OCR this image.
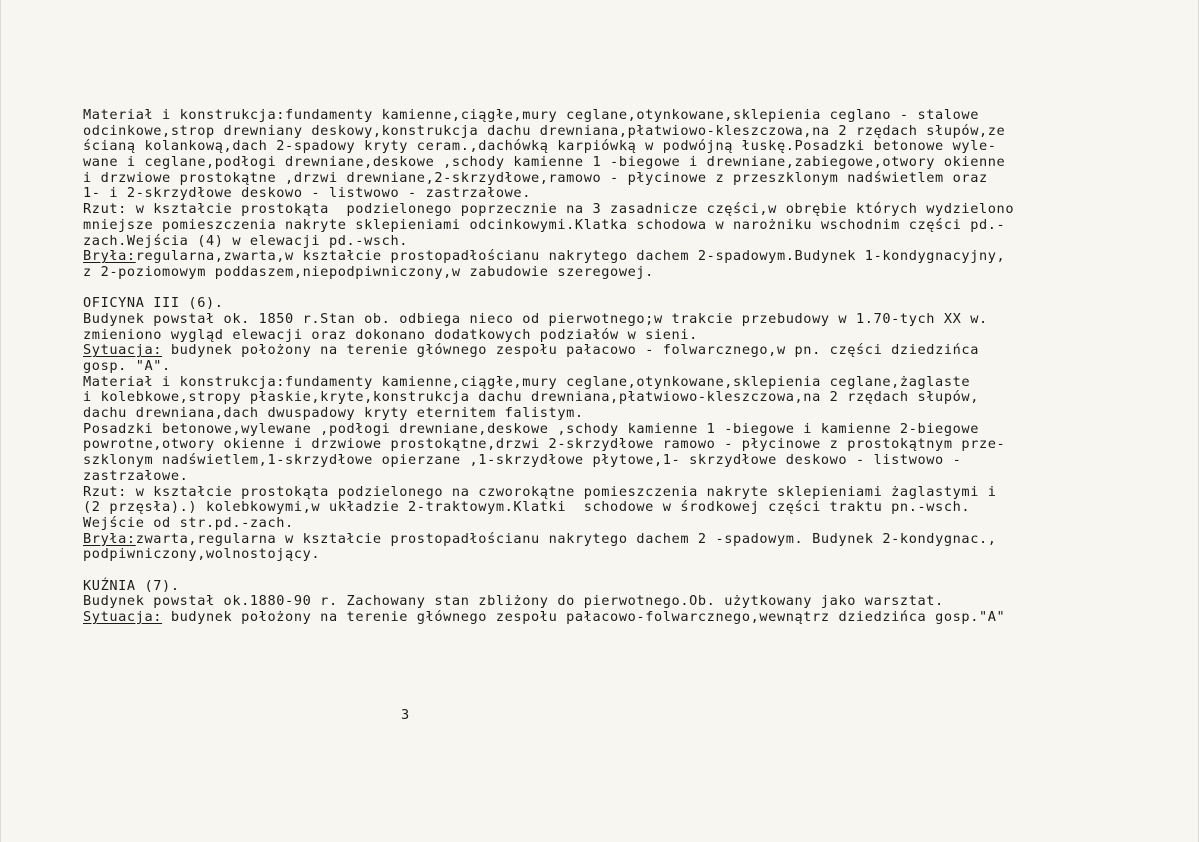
Materiał i konstrukcja:fundamenty kamienne,ciągłe,mury ceglane,otynkowane,sklepienia ceglano - stalowe
odcinkowe,strop drewniany deskowy,konstrukcja dachu drewniana,płatwiowo-kleszczowa,na 2 rzędach słupów,ze
ścianą kolankową,dach 2-spadowy kryty ceram.,dachówką karpiówką w podwójną łuskę.Posadzki betonowe wyle-
wane i ceglane,podłogi drewniane,deskowe ,schody kamienne 1 -biegowe i drewniane,zabiegowe,otwory okienne
i drzwiowe prostokątne ,drzwi drewniane,2-skrzydłowe,ramowo - płycinowe z przeszklonym nadświetlem oraz
1- i 2-skrzydłowe deskowo - listwowo - zastrzałowe.
Rzut: w kształcie prostokąta  podzielonego poprzecznie na 3 zasadnicze części,w obrębie których wydzielono
mniejsze pomieszczenia nakryte sklepieniami odcinkowymi.Klatka schodowa w narożniku wschodnim części pd.-
zach.Wejścia (4) w elewacji pd.-wsch.
Bryła:regularna,zwarta,w kształcie prostopadłościanu nakrytego dachem 2-spadowym.Budynek 1-kondygnacyjny,
z 2-poziomowym poddaszem,niepodpiwniczony,w zabudowie szeregowej.
OFICYNA III (6).
Budynek powstał ok. 1850 r.Stan ob. odbiega nieco od pierwotnego;w trakcie przebudowy w 1.70-tych XX w.
zmieniono wygląd elewacji oraz dokonano dodatkowych podziałów w sieni.
Sytuacja: budynek położony na terenie głównego zespołu pałacowo - folwarcznego,w pn. części dziedzińca
gosp. "A".
Materiał i konstrukcja:fundamenty kamienne,ciągłe,mury ceglane,otynkowane,sklepienia ceglane,żaglaste
i kolebkowe,stropy płaskie,kryte,konstrukcja dachu drewniana,płatwiowo-kleszczowa,na 2 rzędach słupów,
dachu drewniana,dach dwuspadowy kryty eternitem falistym.
Posadzki betonowe,wylewane ,podłogi drewniane,deskowe ,schody kamienne 1 -biegowe i kamienne 2-biegowe
powrotne,otwory okienne i drzwiowe prostokątne,drzwi 2-skrzydłowe ramowo - płycinowe z prostokątnym prze-
szklonym nadświetlem,1-skrzydłowe opierzane ,1-skrzydłowe płytowe,1- skrzydłowe deskowo - listwowo -
zastrzałowe.
Rzut: w kształcie prostokąta podzielonego na czworokątne pomieszczenia nakryte sklepieniami żaglastymi i
(2 przęsła).) kolebkowymi,w układzie 2-traktowym.Klatki  schodowe w środkowej części traktu pn.-wsch.
Wejście od str.pd.-zach.
Bryła:zwarta,regularna w kształcie prostopadłościanu nakrytego dachem 2 -spadowym. Budynek 2-kondygnac.,
podpiwniczony,wolnostojący.
KUŹNIA (7).
Budynek powstał ok.1880-90 r. Zachowany stan zbliżony do pierwotnego.Ob. użytkowany jako warsztat.
Sytuacja: budynek położony na terenie głównego zespołu pałacowo-folwarcznego,wewnątrz dziedzińca gosp."A"
3
